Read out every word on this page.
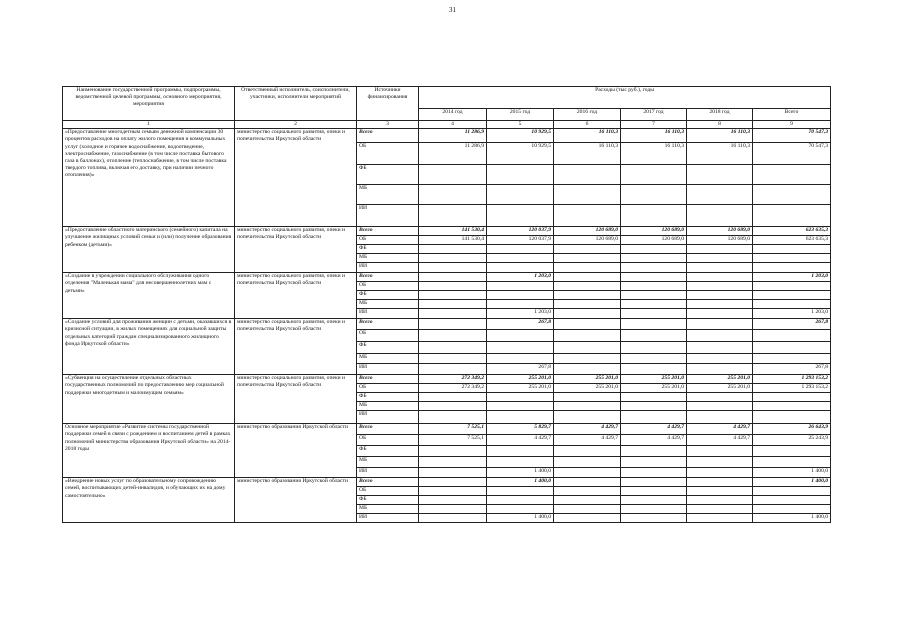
31
Наименование государственной программы, подпрограммы, ведомственной целевой программы, основного мероприятия, мероприятия	Ответственный исполнитель, соисполнители, участники, исполнители мероприятий	Источники финансирования	Расходы (тыс руб.), годы					
			2014 год	2015 год	2016 год	2017 год	2018 год	Всего
1	2	3	4	5	6	7	8	9
«Предоставление многодетным семьям денежной компенсации 30 процентов расходов на оплату жилого помещения и коммунальных услуг (холодное и горячее водоснабжение, водоотведение, электроснабжение, газоснабжение (в том числе поставка бытового газа в баллонах), отопление (теплоснабжение, в том числе поставка твердого топлива, включая его доставку, при наличии печного отопления)»	министерство социального развития, опеки и попечительства Иркутской области	Всего	11 286,9	10 929,5	16 110,3	16 110,3	16 110,3	70 547,3
		ОБ	11 286,9	10 929,5	16 110,3	16 110,3	16 110,3	70 547,3
		ФБ						
		МБ						
		ИИ						
«Предоставление областного материнского (семейного) капитала на улучшение жилищных условий семьи и (или) получение образования ребенком (детьми)»	министерство социального развития, опеки и попечительства Иркутской области	Всего	141 530,4	120 037,9	120 689,0	120 689,0	120 689,0	623 635,3
		ОБ	141 530,4	120 037,9	120 689,0	120 689,0	120 689,0	623 635,3
		ФБ						
		МБ						
		ИИ						
«Создание в учреждении социального обслуживания одного отделения "Маленькая мама" для несовершеннолетних мам с детьми»	министерство социального развития, опеки и попечительства Иркутской области	Всего		1 203,0				1 203,0
		ОБ						
		ФБ						
		МБ						
		ИИ		1 203,0				1 203,0
«Создание условий для проживания женщин с детьми, оказавшихся в кризисной ситуации, в жилых помещениях для социальной защиты отдельных категорий граждан специализированного жилищного фонда Иркутской области»	министерство социального развития, опеки и попечительства Иркутской области	Всего		267,8				267,8
		ОБ						
		ФБ						
		МБ						
		ИИ		267,8				267,8
«Субвенция на осуществление отдельных областных государственных полномочий по предоставлению мер социальной поддержки многодетным и малоимущим семьям»	министерство социального развития, опеки и попечительства Иркутской области	Всего	272 349,2	255 201,0	255 201,0	255 201,0	255 201,0	1 293 153,2
		ОБ	272 349,2	255 201,0	255 201,0	255 201,0	255 201,0	1 293 153,2
		ФБ						
		МБ						
		ИИ						
Основное мероприятие «Развитие системы государственной поддержки семей в связи с рождением и воспитанием детей в рамках полномочий министерства образования Иркутской области» на 2014-2018 годы	министерство образования Иркутской области	Всего	7 525,1	5 829,7	4 429,7	4 429,7	4 429,7	26 643,9
		ОБ	7 525,1	4 429,7	4 429,7	4 429,7	4 429,7	25 243,9
		ФБ						
		МБ						
		ИИ		1 400,0				1 400,0
«Внедрение новых услуг по образовательному сопровождению семей, воспитывающих детей-инвалидов, и обучающих их на дому самостоятельно»	министерство образования Иркутской области	Всего		1 400,0				1 400,0
		ОБ						
		ФБ						
		МБ						
		ИИ		1 400,0				1 400,0
